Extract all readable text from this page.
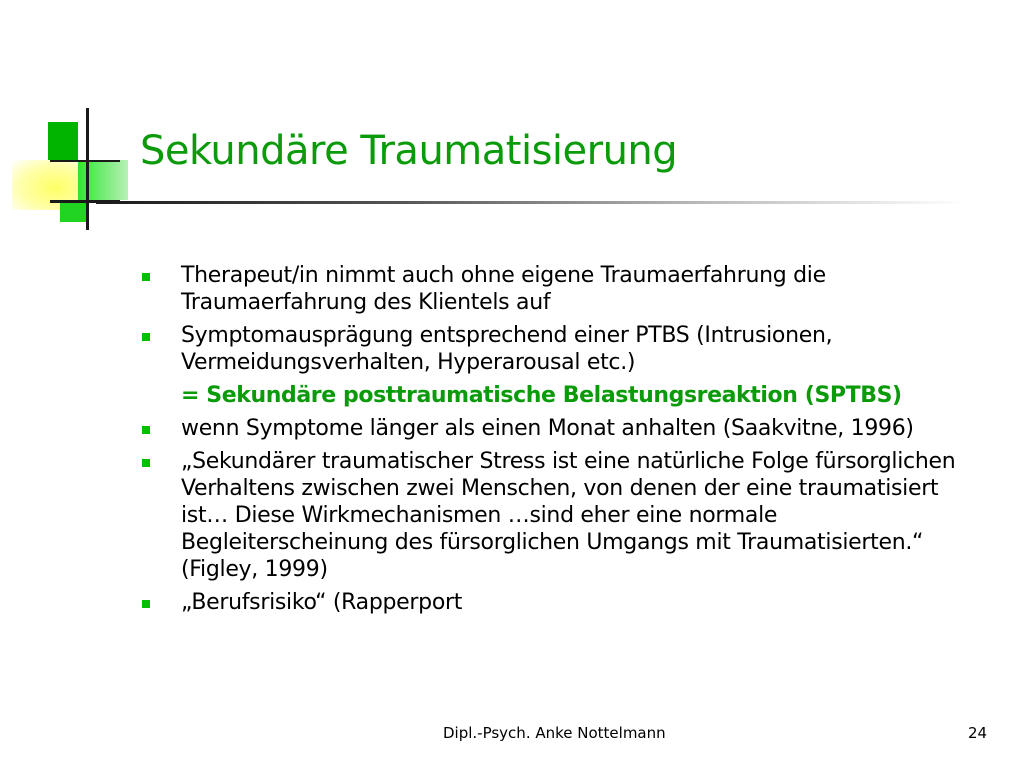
Sekundäre Traumatisierung
Therapeut/in nimmt auch ohne eigene Traumaerfahrung die Traumaerfahrung des Klientels auf
Symptomausprägung entsprechend einer PTBS (Intrusionen, Vermeidungsverhalten, Hyperarousal etc.)
= Sekundäre posttraumatische Belastungsreaktion (SPTBS)
wenn Symptome länger als einen Monat anhalten (Saakvitne, 1996)
„Sekundärer traumatischer Stress ist eine natürliche Folge fürsorglichen Verhaltens zwischen zwei Menschen, von denen der eine traumatisiert ist… Diese Wirkmechanismen …sind eher eine normale Begleiterscheinung des fürsorglichen Umgangs mit Traumatisierten.“ (Figley, 1999)
„Berufsrisiko“ (Rapperport
Dipl.-Psych. Anke Nottelmann	24
